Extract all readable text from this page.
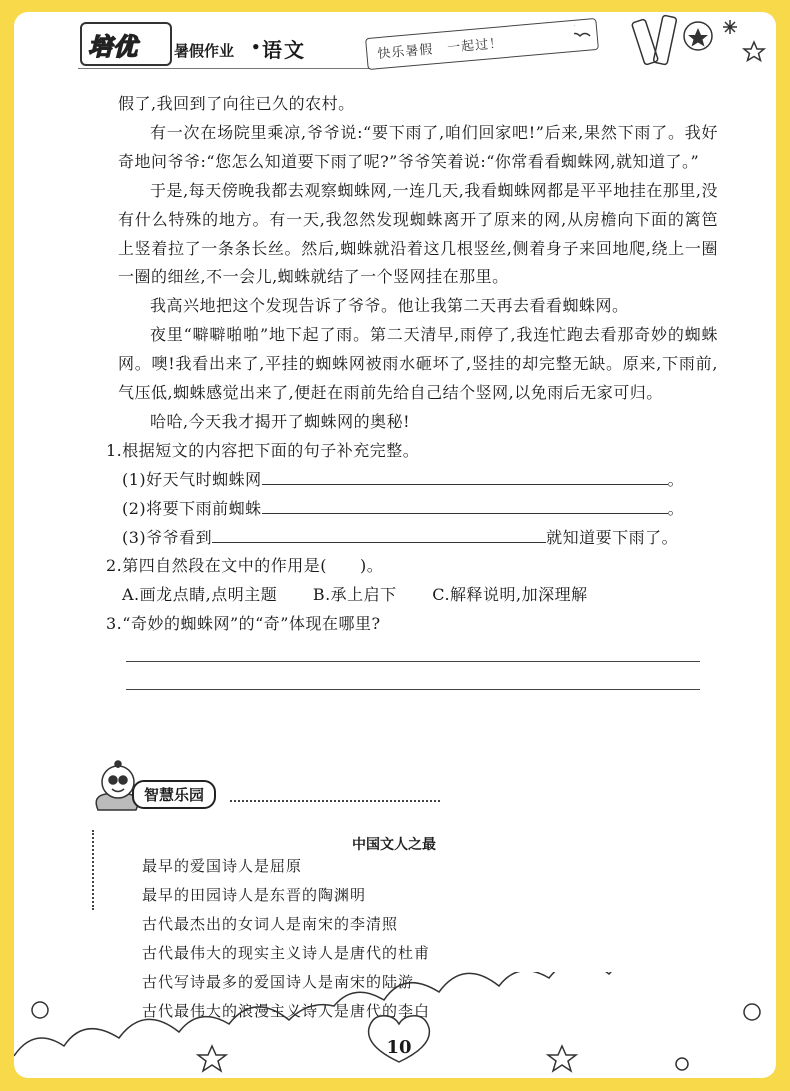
培优 暑假作业 • 语文	快乐暑假　一起过！

假了,我回到了向往已久的农村。

有一次在场院里乘凉,爷爷说:“要下雨了,咱们回家吧!”后来,果然下雨了。我好奇地问爷爷:“您怎么知道要下雨了呢?”爷爷笑着说:“你常看看蜘蛛网,就知道了。”

于是,每天傍晚我都去观察蜘蛛网,一连几天,我看蜘蛛网都是平平地挂在那里,没有什么特殊的地方。有一天,我忽然发现蜘蛛离开了原来的网,从房檐向下面的篱笆上竖着拉了一条条长丝。然后,蜘蛛就沿着这几根竖丝,侧着身子来回地爬,绕上一圈一圈的细丝,不一会儿,蜘蛛就结了一个竖网挂在那里。

我高兴地把这个发现告诉了爷爷。他让我第二天再去看看蜘蛛网。

夜里“噼噼啪啪”地下起了雨。第二天清早,雨停了,我连忙跑去看那奇妙的蜘蛛网。噢!我看出来了,平挂的蜘蛛网被雨水砸坏了,竖挂的却完整无缺。原来,下雨前,气压低,蜘蛛感觉出来了,便赶在雨前先给自己结个竖网,以免雨后无家可归。

哈哈,今天我才揭开了蜘蛛网的奥秘!

1.根据短文的内容把下面的句子补充完整。

(1)好天气时蜘蛛网	。
(2)将要下雨前蜘蛛	。
(3)爷爷看到	就知道要下雨了。

2.第四自然段在文中的作用是(　　)。

A.画龙点睛,点明主题 B.承上启下 C.解释说明,加深理解

3.“奇妙的蜘蛛网”的“奇”体现在哪里?

智慧乐园
中国文人之最
最早的爱国诗人是屈原
最早的田园诗人是东晋的陶渊明
古代最杰出的女词人是南宋的李清照
古代最伟大的现实主义诗人是唐代的杜甫
古代写诗最多的爱国诗人是南宋的陆游
古代最伟大的浪漫主义诗人是唐代的李白
10
